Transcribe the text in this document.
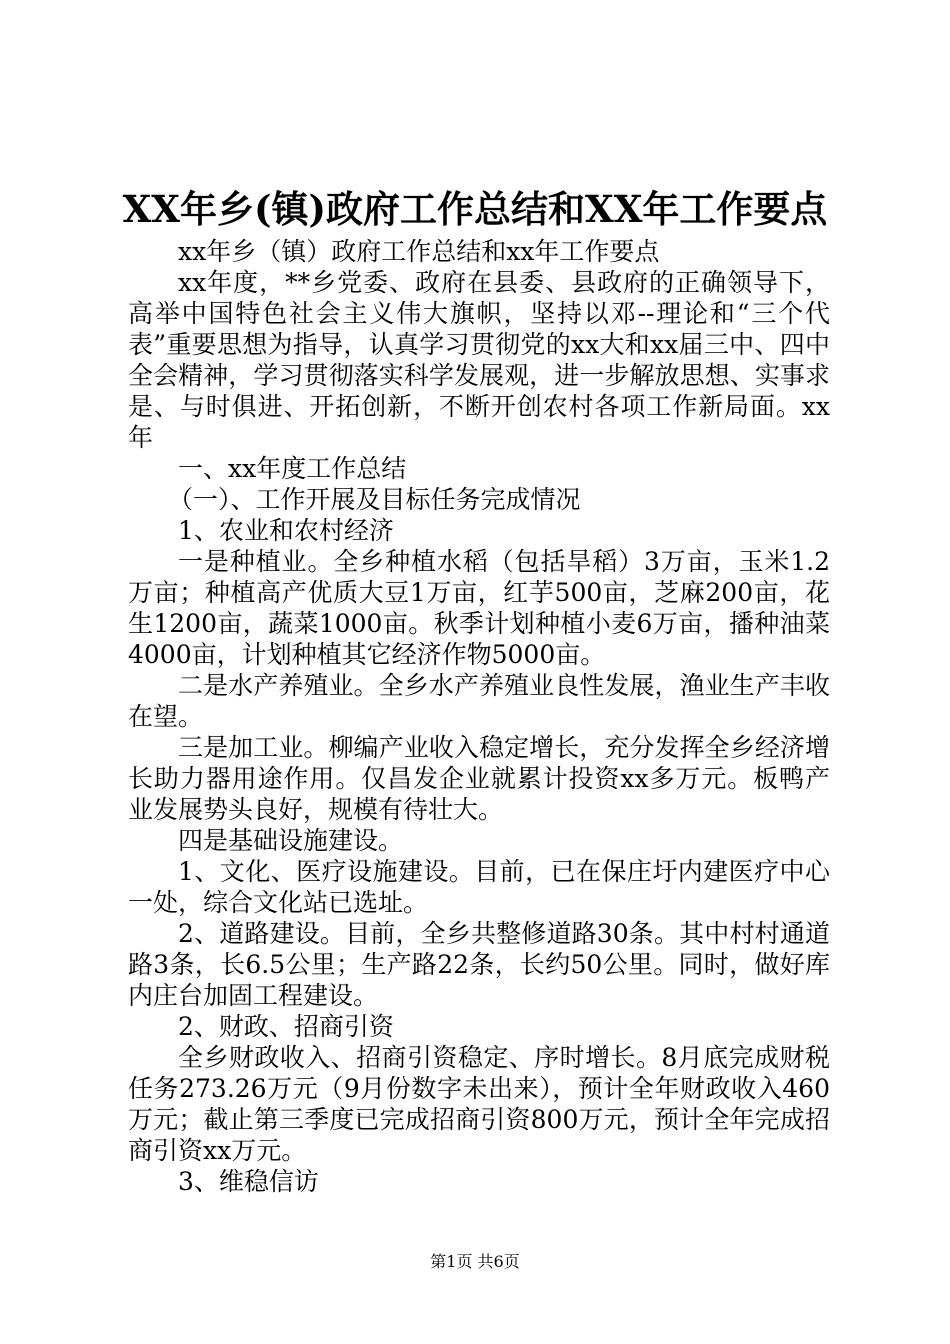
XX年乡(镇)政府工作总结和XX年工作要点

xx年乡（镇）政府工作总结和xx年工作要点

xx年度，**乡党委、政府在县委、县政府的正确领导下，高举中国特色社会主义伟大旗帜，坚持以邓--理论和“三个代表”重要思想为指导，认真学习贯彻党的xx大和xx届三中、四中全会精神，学习贯彻落实科学发展观，进一步解放思想、实事求是、与时俱进、开拓创新，不断开创农村各项工作新局面。xx年

一、xx年度工作总结

（一）、工作开展及目标任务完成情况

1、农业和农村经济

一是种植业。全乡种植水稻（包括旱稻）3万亩，玉米1.2万亩；种植高产优质大豆1万亩，红芋500亩，芝麻200亩，花生1200亩，蔬菜1000亩。秋季计划种植小麦6万亩，播种油菜4000亩，计划种植其它经济作物5000亩。

二是水产养殖业。全乡水产养殖业良性发展，渔业生产丰收在望。

三是加工业。柳编产业收入稳定增长，充分发挥全乡经济增长助力器用途作用。仅昌发企业就累计投资xx多万元。板鸭产业发展势头良好，规模有待壮大。

四是基础设施建设。

1、文化、医疗设施建设。目前，已在保庄圩内建医疗中心一处，综合文化站已选址。

2、道路建设。目前，全乡共整修道路30条。其中村村通道路3条，长6.5公里；生产路22条，长约50公里。同时，做好库内庄台加固工程建设。

2、财政、招商引资

全乡财政收入、招商引资稳定、序时增长。8月底完成财税任务273.26万元（9月份数字未出来），预计全年财政收入460万元；截止第三季度已完成招商引资800万元，预计全年完成招商引资xx万元。

3、维稳信访

第1页 共6页
